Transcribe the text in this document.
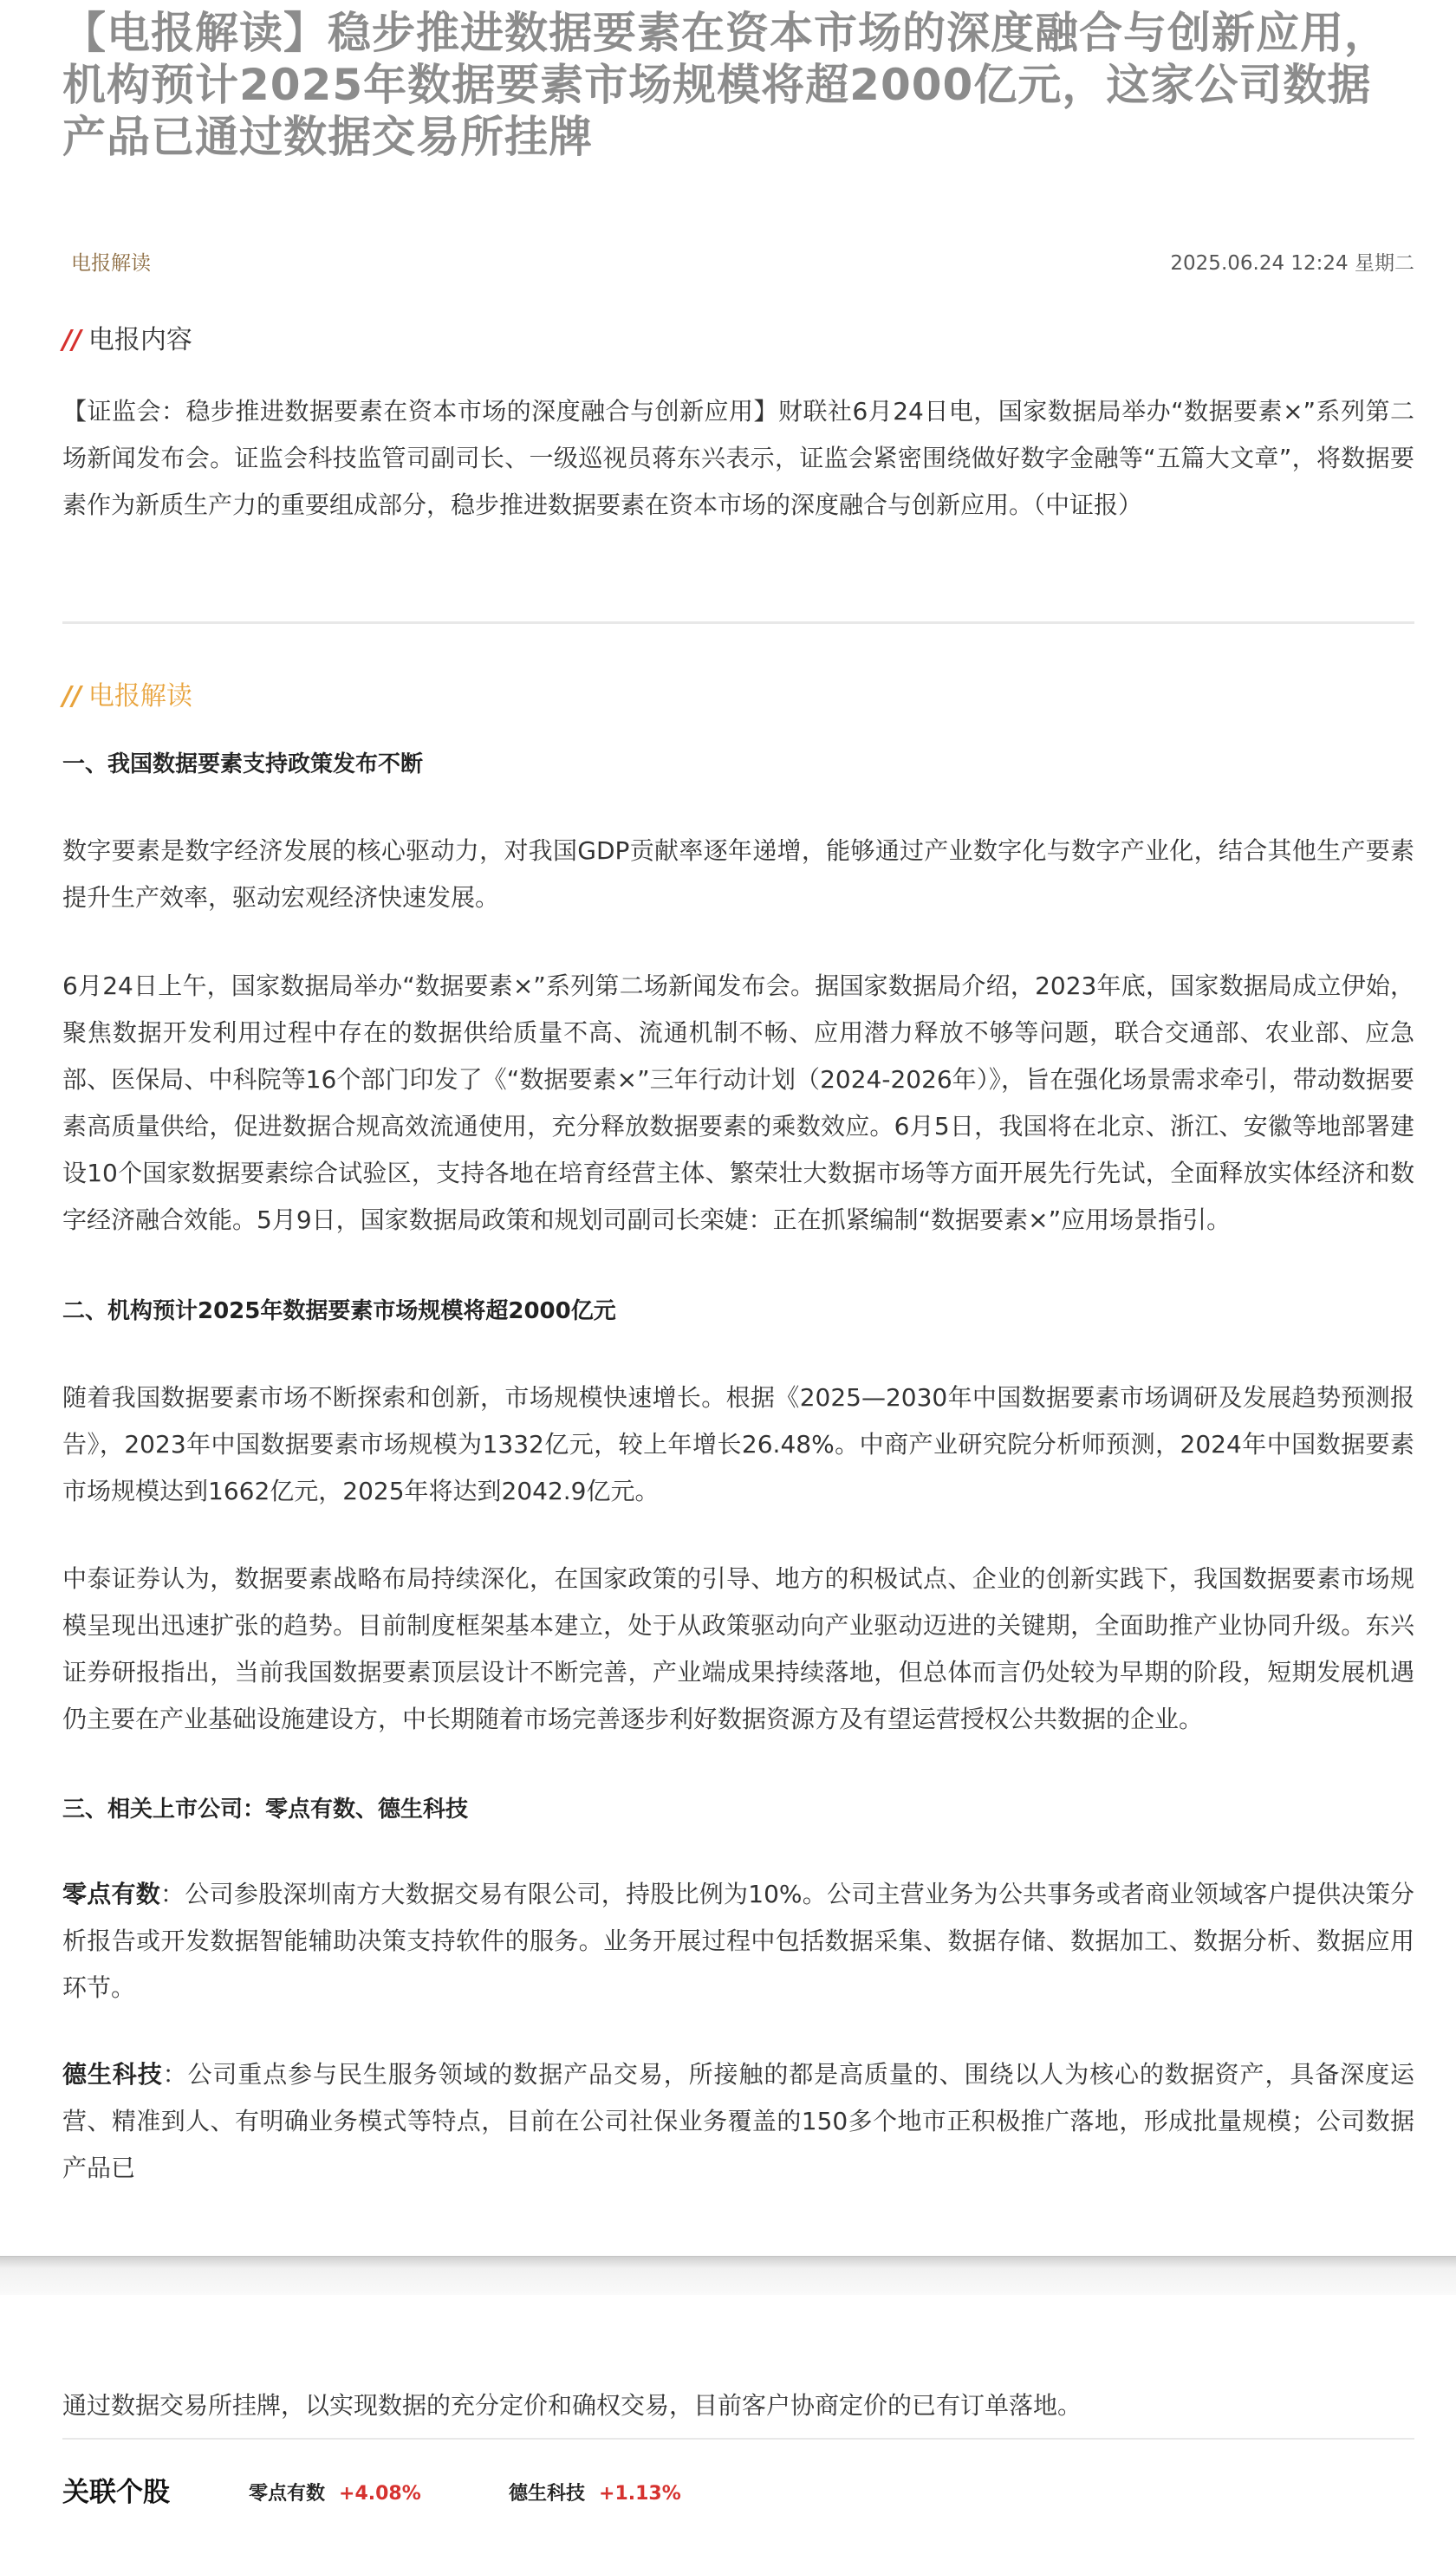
【电报解读】稳步推进数据要素在资本市场的深度融合与创新应用，机构预计2025年数据要素市场规模将超2000亿元，这家公司数据产品已通过数据交易所挂牌
电报解读	2025.06.24 12:24 星期二
// 电报内容

【证监会：稳步推进数据要素在资本市场的深度融合与创新应用】财联社6月24日电，国家数据局举办“数据要素×”系列第二场新闻发布会。证监会科技监管司副司长、一级巡视员蒋东兴表示，证监会紧密围绕做好数字金融等“五篇大文章”，将数据要素作为新质生产力的重要组成部分，稳步推进数据要素在资本市场的深度融合与创新应用。（中证报）

// 电报解读
一、我国数据要素支持政策发布不断

数字要素是数字经济发展的核心驱动力，对我国GDP贡献率逐年递增，能够通过产业数字化与数字产业化，结合其他生产要素提升生产效率，驱动宏观经济快速发展。

6月24日上午，国家数据局举办“数据要素×”系列第二场新闻发布会。据国家数据局介绍，2023年底，国家数据局成立伊始，聚焦数据开发利用过程中存在的数据供给质量不高、流通机制不畅、应用潜力释放不够等问题，联合交通部、农业部、应急部、医保局、中科院等16个部门印发了《“数据要素×”三年行动计划（2024-2026年）》，旨在强化场景需求牵引，带动数据要素高质量供给，促进数据合规高效流通使用，充分释放数据要素的乘数效应。6月5日，我国将在北京、浙江、安徽等地部署建设10个国家数据要素综合试验区，支持各地在培育经营主体、繁荣壮大数据市场等方面开展先行先试，全面释放实体经济和数字经济融合效能。5月9日，国家数据局政策和规划司副司长栾婕：正在抓紧编制“数据要素×”应用场景指引。

二、机构预计2025年数据要素市场规模将超2000亿元

随着我国数据要素市场不断探索和创新，市场规模快速增长。根据《2025—2030年中国数据要素市场调研及发展趋势预测报告》，2023年中国数据要素市场规模为1332亿元，较上年增长26.48%。中商产业研究院分析师预测，2024年中国数据要素市场规模达到1662亿元，2025年将达到2042.9亿元。

中泰证券认为，数据要素战略布局持续深化，在国家政策的引导、地方的积极试点、企业的创新实践下，我国数据要素市场规模呈现出迅速扩张的趋势。目前制度框架基本建立，处于从政策驱动向产业驱动迈进的关键期，全面助推产业协同升级。东兴证券研报指出，当前我国数据要素顶层设计不断完善，产业端成果持续落地，但总体而言仍处较为早期的阶段，短期发展机遇仍主要在产业基础设施建设方，中长期随着市场完善逐步利好数据资源方及有望运营授权公共数据的企业。

三、相关上市公司：零点有数、德生科技

零点有数：公司参股深圳南方大数据交易有限公司，持股比例为10%。公司主营业务为公共事务或者商业领域客户提供决策分析报告或开发数据智能辅助决策支持软件的服务。业务开展过程中包括数据采集、数据存储、数据加工、数据分析、数据应用环节。

德生科技：公司重点参与民生服务领域的数据产品交易，所接触的都是高质量的、围绕以人为核心的数据资产，具备深度运营、精准到人、有明确业务模式等特点，目前在公司社保业务覆盖的150多个地市正积极推广落地，形成批量规模；公司数据产品已

通过数据交易所挂牌，以实现数据的充分定价和确权交易，目前客户协商定价的已有订单落地。

关联个股	零点有数 +4.08%	德生科技 +1.13%
